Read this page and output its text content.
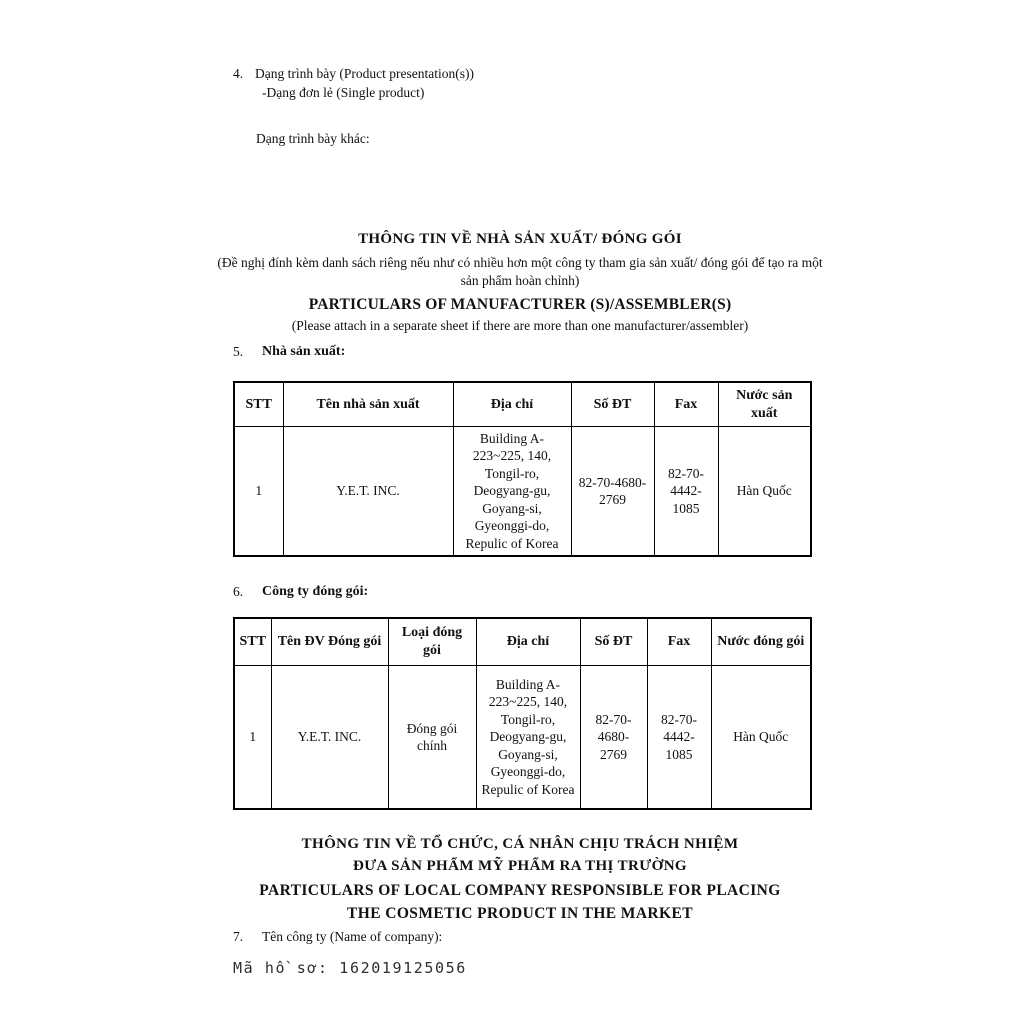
4. Dạng trình bày (Product presentation(s))
-Dạng đơn lẻ (Single product)
Dạng trình bày khác:
THÔNG TIN VỀ NHÀ SẢN XUẤT/ ĐÓNG GÓI
(Đề nghị đính kèm danh sách riêng nếu như có nhiều hơn một công ty tham gia sản xuất/ đóng gói để tạo ra một sản phẩm hoàn chỉnh)
PARTICULARS OF MANUFACTURER (S)/ASSEMBLER(S)
(Please attach in a separate sheet if there are more than one manufacturer/assembler)
5.	Nhà sản xuất:
STT	Tên nhà sản xuất	Địa chỉ	Số ĐT	Fax	Nước sản xuất
1	Y.E.T. INC.	Building A-223~225, 140, Tongil-ro, Deogyang-gu, Goyang-si, Gyeonggi-do, Repulic of Korea	82-70-4680-2769	82-70-4442-1085	Hàn Quốc
6.	Công ty đóng gói:
STT	Tên ĐV Đóng gói	Loại đóng gói	Địa chỉ	Số ĐT	Fax	Nước đóng gói
1	Y.E.T. INC.	Đóng gói chính	Building A-223~225, 140, Tongil-ro, Deogyang-gu, Goyang-si, Gyeonggi-do, Repulic of Korea	82-70-4680-2769	82-70-4442-1085	Hàn Quốc
THÔNG TIN VỀ TỔ CHỨC, CÁ NHÂN CHỊU TRÁCH NHIỆM
ĐƯA SẢN PHẨM MỸ PHẨM RA THỊ TRƯỜNG
PARTICULARS OF LOCAL COMPANY RESPONSIBLE FOR PLACING
THE COSMETIC PRODUCT IN THE MARKET
7.	Tên công ty (Name of company):
Mã hồ sơ: 162019125056
